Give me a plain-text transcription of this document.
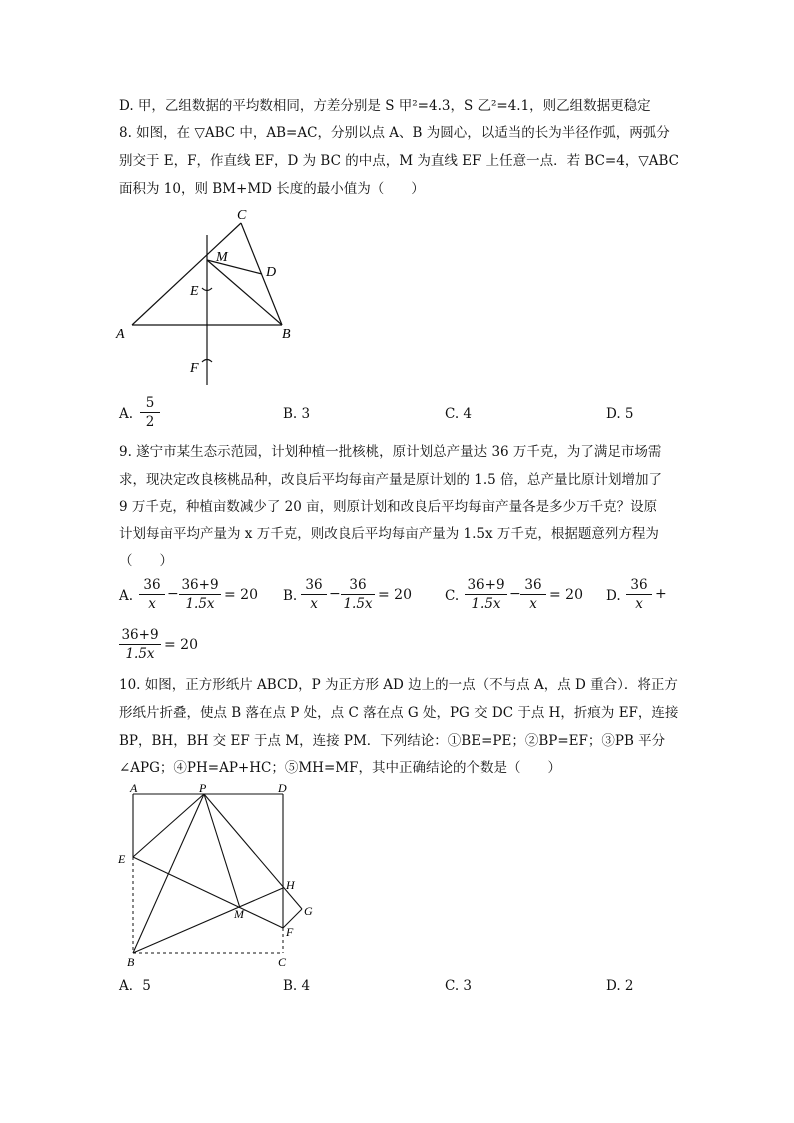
D. 甲，乙组数据的平均数相同，方差分别是 S 甲²=4.3，S 乙²=4.1，则乙组数据更稳定
8. 如图，在 ▽ABC 中，AB=AC，分别以点 A、B 为圆心，以适当的长为半径作弧，两弧分
别交于 E，F，作直线 EF，D 为 BC 的中点，M 为直线 EF 上任意一点．若 BC=4，▽ABC
面积为 10，则 BM+MD 长度的最小值为（　　）
A	B
C
D
E
F
M
A. $\frac{5}{2}$	B. 3	C. 4	D. 5
9. 遂宁市某生态示范园，计划种植一批核桃，原计划总产量达 36 万千克，为了满足市场需
求，现决定改良核桃品种，改良后平均每亩产量是原计划的 1.5 倍，总产量比原计划增加了
9 万千克，种植亩数减少了 20 亩，则原计划和改良后平均每亩产量各是多少万千克？设原
计划每亩平均产量为 x 万千克，则改良后平均每亩产量为 1.5x 万千克，根据题意列方程为
（　　）
A. $\frac{36}{x} - \frac{36+9}{1.5x} = 20$ B. $\frac{36}{x} - \frac{36}{1.5x} = 20$ C. $\frac{36+9}{1.5x} - \frac{36}{x} = 20$ D. $\frac{36}{x}$ +
$\frac{36+9}{1.5x} = 20$
10. 如图，正方形纸片 ABCD，P 为正方形 AD 边上的一点（不与点 A，点 D 重合）．将正方
形纸片折叠，使点 B 落在点 P 处，点 C 落在点 G 处，PG 交 DC 于点 H，折痕为 EF，连接
BP，BH，BH 交 EF 于点 M，连接 PM．下列结论：①BE=PE；②BP=EF；③PB 平分
∠APG；④PH=AP+HC；⑤MH=MF，其中正确结论的个数是（　　）
A	P	D
E
H
G
M
F
B	C
A．5	B. 4	C. 3	D. 2
